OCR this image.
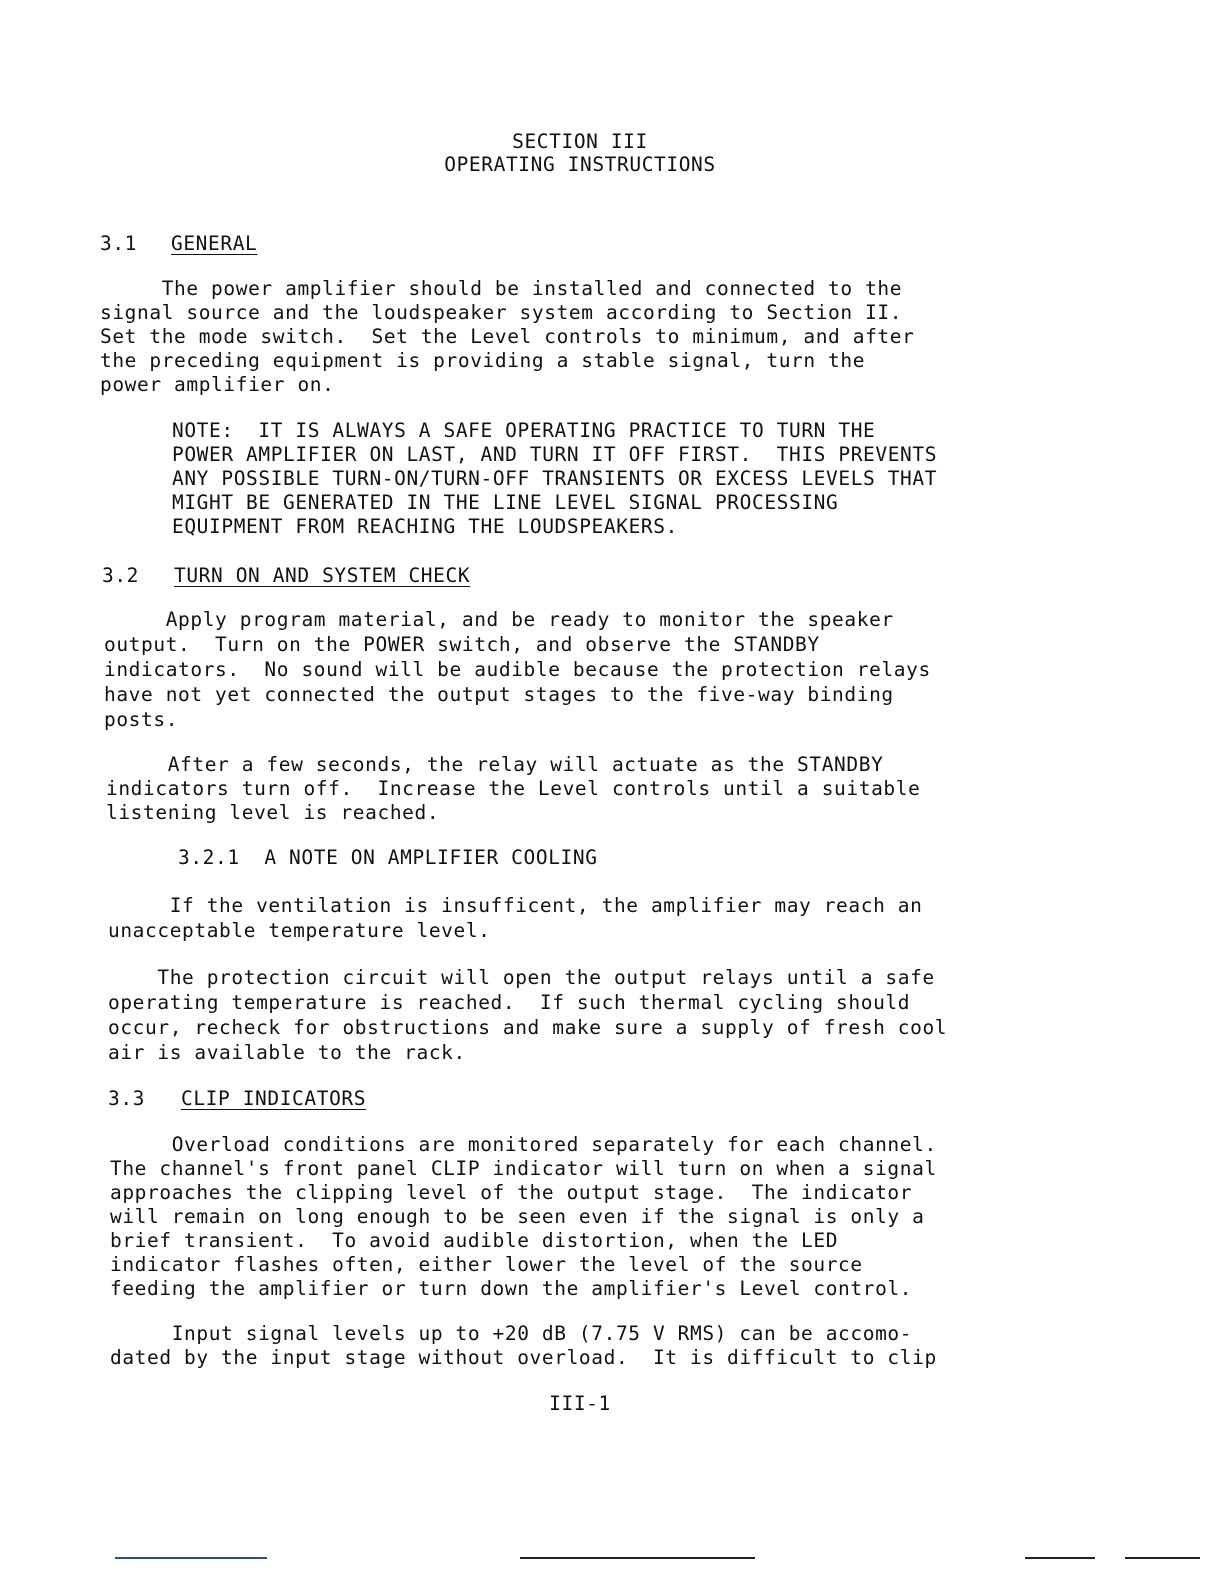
SECTION III
OPERATING INSTRUCTIONS
3.1 GENERAL
The power amplifier should be installed and connected to the
signal source and the loudspeaker system according to Section II.
Set the mode switch.  Set the Level controls to minimum, and after
the preceding equipment is providing a stable signal, turn the
power amplifier on.
NOTE:  IT IS ALWAYS A SAFE OPERATING PRACTICE TO TURN THE
POWER AMPLIFIER ON LAST, AND TURN IT OFF FIRST.  THIS PREVENTS
ANY POSSIBLE TURN-ON/TURN-OFF TRANSIENTS OR EXCESS LEVELS THAT
MIGHT BE GENERATED IN THE LINE LEVEL SIGNAL PROCESSING
EQUIPMENT FROM REACHING THE LOUDSPEAKERS.
3.2 TURN ON AND SYSTEM CHECK
Apply program material, and be ready to monitor the speaker
output.  Turn on the POWER switch, and observe the STANDBY
indicators.  No sound will be audible because the protection relays
have not yet connected the output stages to the five-way binding
posts.
After a few seconds, the relay will actuate as the STANDBY
indicators turn off.  Increase the Level controls until a suitable
listening level is reached.
3.2.1  A NOTE ON AMPLIFIER COOLING
If the ventilation is insufficent, the amplifier may reach an
unacceptable temperature level.
The protection circuit will open the output relays until a safe
operating temperature is reached.  If such thermal cycling should
occur, recheck for obstructions and make sure a supply of fresh cool
air is available to the rack.
3.3 CLIP INDICATORS
Overload conditions are monitored separately for each channel.
The channel's front panel CLIP indicator will turn on when a signal
approaches the clipping level of the output stage.  The indicator
will remain on long enough to be seen even if the signal is only a
brief transient.  To avoid audible distortion, when the LED
indicator flashes often, either lower the level of the source
feeding the amplifier or turn down the amplifier's Level control.
Input signal levels up to +20 dB (7.75 V RMS) can be accomo-
dated by the input stage without overload.  It is difficult to clip
III-1
